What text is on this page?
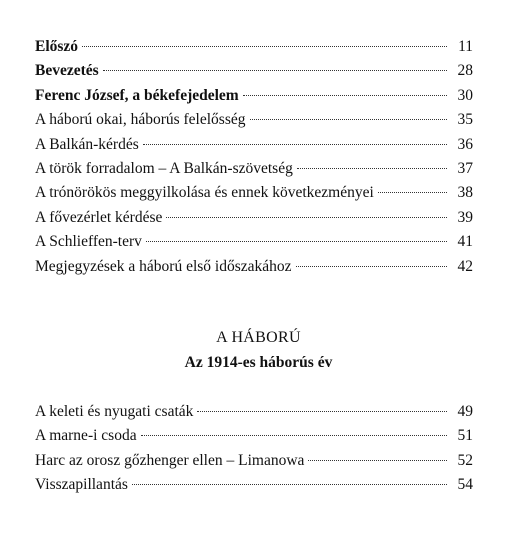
Előszó	11
Bevezetés	28
Ferenc József, a békefejedelem	30
A háború okai, háborús felelősség	35
A Balkán-kérdés	36
A török forradalom – A Balkán-szövetség	37
A trónörökös meggyilkolása és ennek következményei	38
A fővezérlet kérdése	39
A Schlieffen-terv	41
Megjegyzések a háború első időszakához	42
A HÁBORÚ
Az 1914-es háborús év
A keleti és nyugati csaták	49
A marne-i csoda	51
Harc az orosz gőzhenger ellen – Limanowa	52
Visszapillantás	54
